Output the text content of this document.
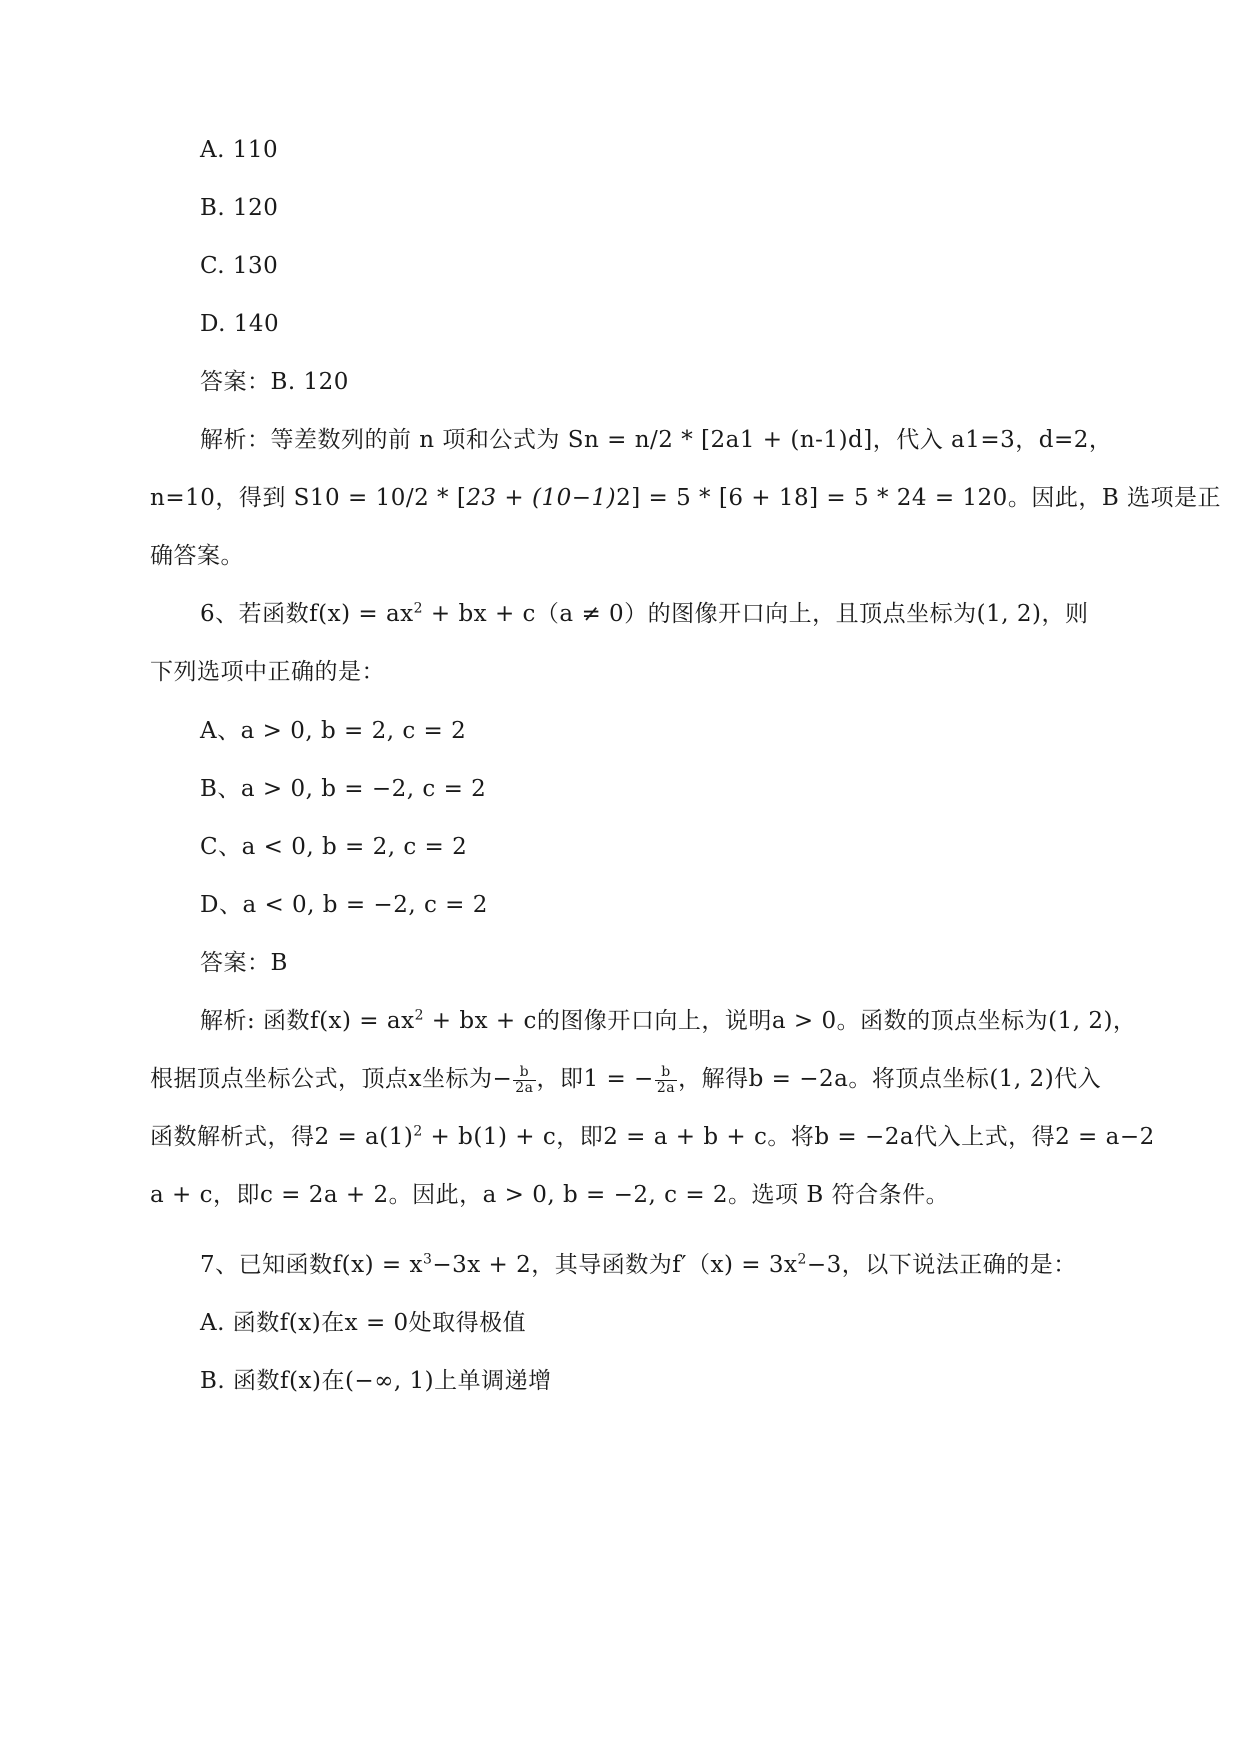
A. 110
B. 120
C. 130
D. 140
答案：B. 120
解析：等差数列的前 n 项和公式为 Sn = n/2 * [2a1 + (n-1)d]，代入 a1=3，d=2，
n=10，得到 S10 = 10/2 * [23 + (10−1)2] = 5 * [6 + 18] = 5 * 24 = 120。因此，B 选项是正
确答案。
6、若函数$f(x) = ax^2$ + bx + c（a ≠ 0）的图像开口向上，且顶点坐标为(1, 2)，则
下列选项中正确的是：
A、a > 0, b = 2, c = 2
B、a > 0, b = −2, c = 2
C、a < 0, b = 2, c = 2
D、a < 0, b = −2, c = 2
答案：B
解析: 函数$f(x) = ax^2$ + bx + c的图像开口向上，说明a > 0。函数的顶点坐标为(1, 2)，
根据顶点坐标公式，顶点x坐标为− $\frac{b}{2a}$ ，即1 = − $\frac{b}{2a}$ ，解得b = −2a。将顶点坐标(1, 2)代入
函数解析式，得$2 = a(1)^2 + b(1) + c$，即2 = a + b + c。将b = −2a代入上式，得2 = a−2
a + c，即c = 2a + 2。因此，a > 0, b = −2, c = 2。选项 B 符合条件。
7、已知函数$f(x) = x^3-3x + 2$，其导函数为$f'(x) = 3x^2-3$，以下说法正确的是：
A. 函数f(x)在x = 0处取得极值
B. 函数f(x)在(−∞, 1)上单调递增
